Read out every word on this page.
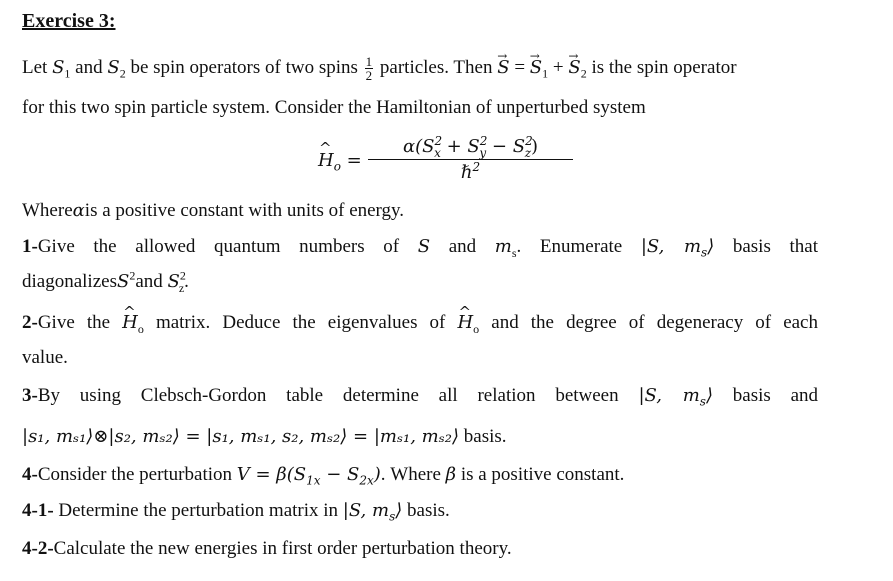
Exercise 3:
Let $S_1$ and $S_2$ be spin operators of two spins $\frac{1}{2}$ particles. Then → S = → $S_1$ + → $S_2$ is the spin operator
for this two spin particle system. Consider the Hamiltonian of unperturbed system
^ $H_o$ =
$\alpha(S^2_x + S^2_y - S^2_z)$
ℏ$^2$
Whereαis a positive constant with units of energy.
1-Give the allowed quantum numbers of S and $m_s$. Enumerate |S, $m_s⟩$ basis that
diagonalizesS$^2$and $S^2_z$.
2-Give the ^ $H_o$ matrix. Deduce the eigenvalues of ^ $H_o$ and the degree of degeneracy of each
value.
3-By using Clebsch-Gordon table determine all relation between |S, $m_s⟩$ basis and
|s₁, mₛ₁⟩⊗|s₂, mₛ₂⟩ = |s₁, mₛ₁, s₂, mₛ₂⟩ = |mₛ₁, mₛ₂⟩ basis.
4-Consider the perturbation $V = \beta(S_{1x} - S_{2x})$. Where β is a positive constant.
4-1- Determine the perturbation matrix in |S, $m_s⟩$ basis.
4-2-Calculate the new energies in first order perturbation theory.
